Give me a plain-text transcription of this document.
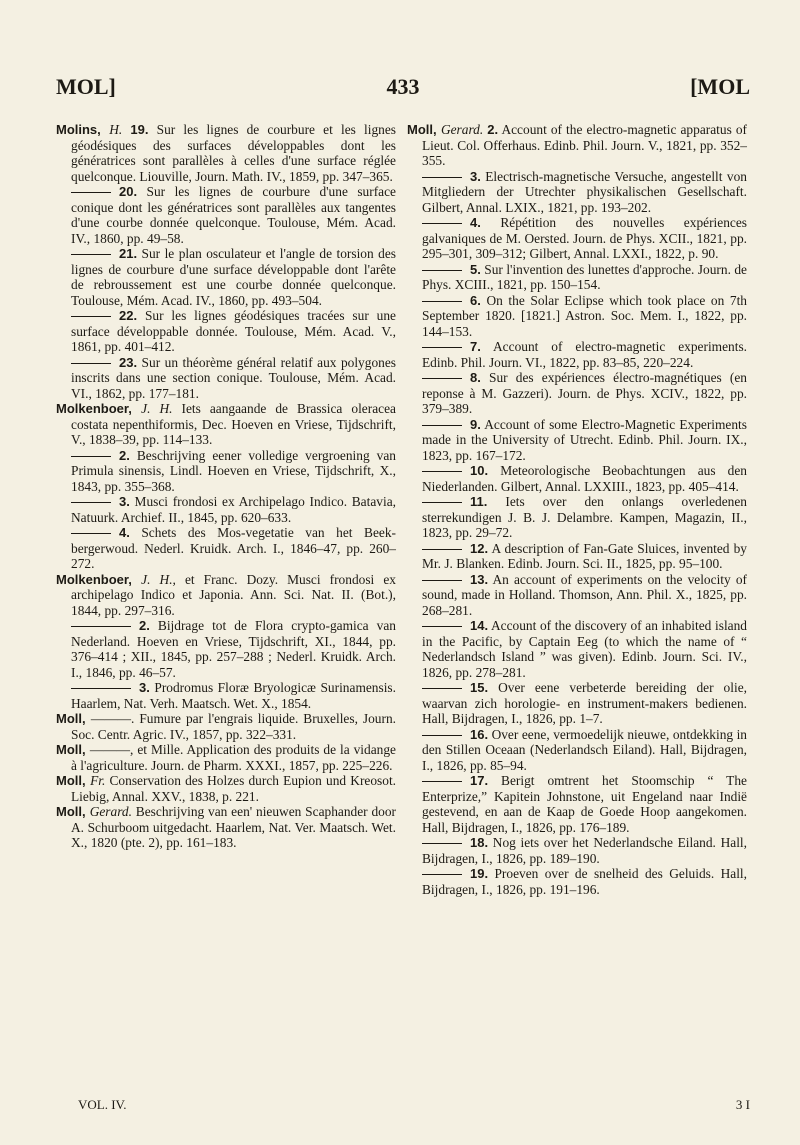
MOL]	433	[MOL

Molins, H. 19. Sur les lignes de courbure et les lignes géodésiques des surfaces développables dont les génératrices sont parallèles à celles d'une surface réglée quelconque. Liouville, Journ. Math. IV., 1859, pp. 347–365.

20. Sur les lignes de courbure d'une surface conique dont les génératrices sont parallèles aux tangentes d'une courbe donnée quelconque. Toulouse, Mém. Acad. IV., 1860, pp. 49–58.

21. Sur le plan osculateur et l'angle de torsion des lignes de courbure d'une surface développable dont l'arête de rebroussement est une courbe donnée quelconque. Toulouse, Mém. Acad. IV., 1860, pp. 493–504.

22. Sur les lignes géodésiques tracées sur une surface développable donnée. Toulouse, Mém. Acad. V., 1861, pp. 401–412.

23. Sur un théorème général relatif aux polygones inscrits dans une section conique. Toulouse, Mém. Acad. VI., 1862, pp. 177–181.

Molkenboer, J. H. Iets aangaande de Brassica oleracea costata nepenthiformis, Dec. Hoeven en Vriese, Tijdschrift, V., 1838–39, pp. 114–133.

2. Beschrijving eener volledige vergroening van Primula sinensis, Lindl. Hoeven en Vriese, Tijdschrift, X., 1843, pp. 355–368.

3. Musci frondosi ex Archipelago Indico. Batavia, Natuurk. Archief. II., 1845, pp. 620–633.

4. Schets des Mos-vegetatie van het Beek-bergerwoud. Nederl. Kruidk. Arch. I., 1846–47, pp. 260–272.

Molkenboer, J. H., et Franc. Dozy. Musci frondosi ex archipelago Indico et Japonia. Ann. Sci. Nat. II. (Bot.), 1844, pp. 297–316.

2. Bijdrage tot de Flora crypto-gamica van Nederland. Hoeven en Vriese, Tijdschrift, XI., 1844, pp. 376–414 ; XII., 1845, pp. 257–288 ; Nederl. Kruidk. Arch. I., 1846, pp. 46–57.

3. Prodromus Floræ Bryologicæ Surinamensis. Haarlem, Nat. Verh. Maatsch. Wet. X., 1854.

Moll, ———. Fumure par l'engrais liquide. Bruxelles, Journ. Soc. Centr. Agric. IV., 1857, pp. 322–331.

Moll, ———, et Mille. Application des produits de la vidange à l'agriculture. Journ. de Pharm. XXXI., 1857, pp. 225–226.

Moll, Fr. Conservation des Holzes durch Eupion und Kreosot. Liebig, Annal. XXV., 1838, p. 221.

Moll, Gerard. Beschrijving van een' nieuwen Scaphander door A. Schurboom uitgedacht. Haarlem, Nat. Ver. Maatsch. Wet. X., 1820 (pte. 2), pp. 161–183.

Moll, Gerard. 2. Account of the electro-magnetic apparatus of Lieut. Col. Offerhaus. Edinb. Phil. Journ. V., 1821, pp. 352–355.

3. Electrisch-magnetische Versuche, angestellt von Mitgliedern der Utrechter physikalischen Gesellschaft. Gilbert, Annal. LXIX., 1821, pp. 193–202.

4. Répétition des nouvelles expériences galvaniques de M. Oersted. Journ. de Phys. XCII., 1821, pp. 295–301, 309–312; Gilbert, Annal. LXXI., 1822, p. 90.

5. Sur l'invention des lunettes d'approche. Journ. de Phys. XCIII., 1821, pp. 150–154.

6. On the Solar Eclipse which took place on 7th September 1820. [1821.] Astron. Soc. Mem. I., 1822, pp. 144–153.

7. Account of electro-magnetic experiments. Edinb. Phil. Journ. VI., 1822, pp. 83–85, 220–224.

8. Sur des expériences électro-magnétiques (en reponse à M. Gazzeri). Journ. de Phys. XCIV., 1822, pp. 379–389.

9. Account of some Electro-Magnetic Experiments made in the University of Utrecht. Edinb. Phil. Journ. IX., 1823, pp. 167–172.

10. Meteorologische Beobachtungen aus den Niederlanden. Gilbert, Annal. LXXIII., 1823, pp. 405–414.

11. Iets over den onlangs overledenen sterrekundigen J. B. J. Delambre. Kampen, Magazin, II., 1823, pp. 29–72.

12. A description of Fan-Gate Sluices, invented by Mr. J. Blanken. Edinb. Journ. Sci. II., 1825, pp. 95–100.

13. An account of experiments on the velocity of sound, made in Holland. Thomson, Ann. Phil. X., 1825, pp. 268–281.

14. Account of the discovery of an inhabited island in the Pacific, by Captain Eeg (to which the name of “ Nederlandsch Island ” was given). Edinb. Journ. Sci. IV., 1826, pp. 278–281.

15. Over eene verbeterde bereiding der olie, waarvan zich horologie- en instrument-makers bedienen. Hall, Bijdragen, I., 1826, pp. 1–7.

16. Over eene, vermoedelijk nieuwe, ontdekking in den Stillen Oceaan (Nederlandsch Eiland). Hall, Bijdragen, I., 1826, pp. 85–94.

17. Berigt omtrent het Stoomschip “ The Enterprize,” Kapitein Johnstone, uit Engeland naar Indië gestevend, en aan de Kaap de Goede Hoop aangekomen. Hall, Bijdragen, I., 1826, pp. 176–189.

18. Nog iets over het Nederlandsche Eiland. Hall, Bijdragen, I., 1826, pp. 189–190.

19. Proeven over de snelheid des Geluids. Hall, Bijdragen, I., 1826, pp. 191–196.

VOL. IV.	3 I
